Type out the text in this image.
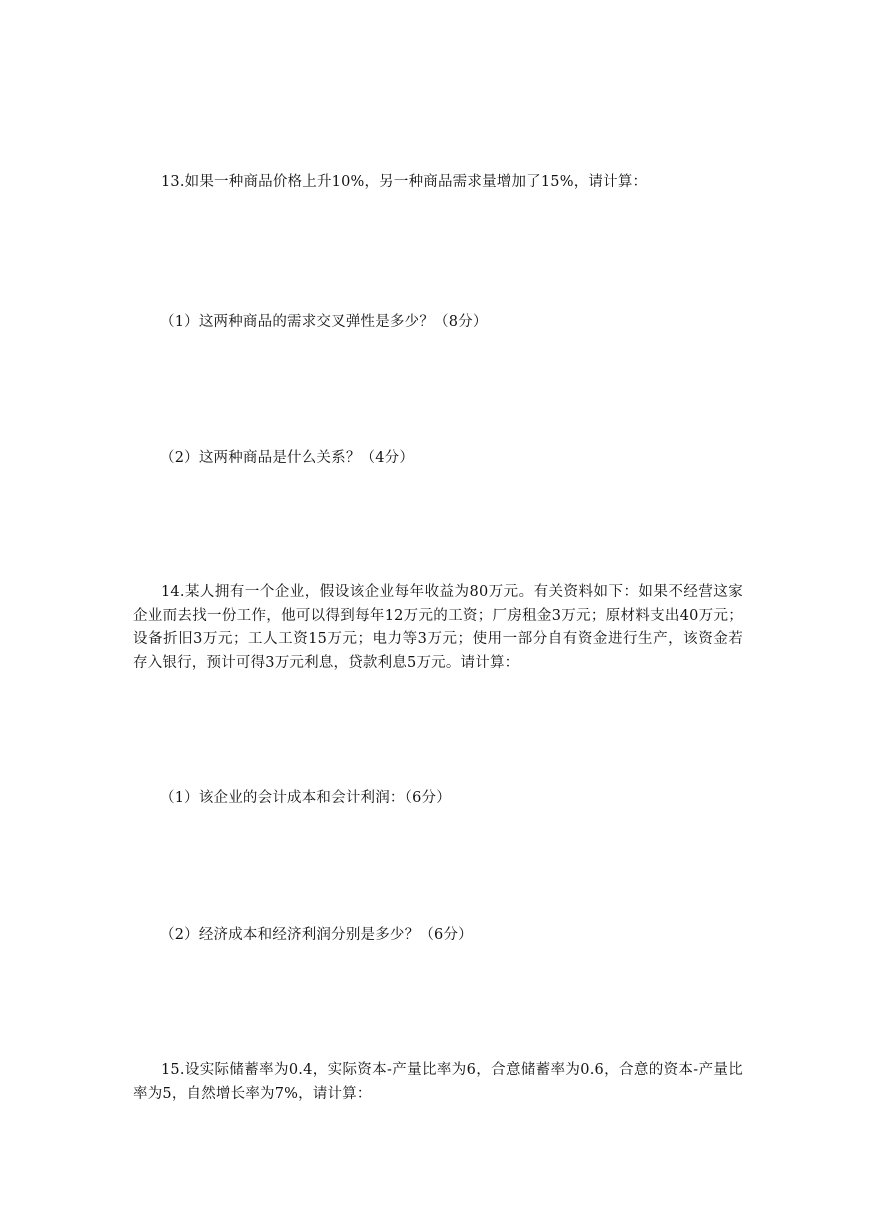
13.如果一种商品价格上升10%，另一种商品需求量增加了15%，请计算：

（1）这两种商品的需求交叉弹性是多少？（8分）

（2）这两种商品是什么关系？（4分）

14.某人拥有一个企业，假设该企业每年收益为80万元。有关资料如下：如果不经营这家企业而去找一份工作，他可以得到每年12万元的工资；厂房租金3万元；原材料支出40万元；设备折旧3万元；工人工资15万元；电力等3万元；使用一部分自有资金进行生产，该资金若存入银行，预计可得3万元利息，贷款利息5万元。请计算：

（1）该企业的会计成本和会计利润：（6分）

（2）经济成本和经济利润分别是多少？（6分）

15.设实际储蓄率为0.4，实际资本-产量比率为6，合意储蓄率为0.6，合意的资本-产量比率为5，自然增长率为7%，请计算：
